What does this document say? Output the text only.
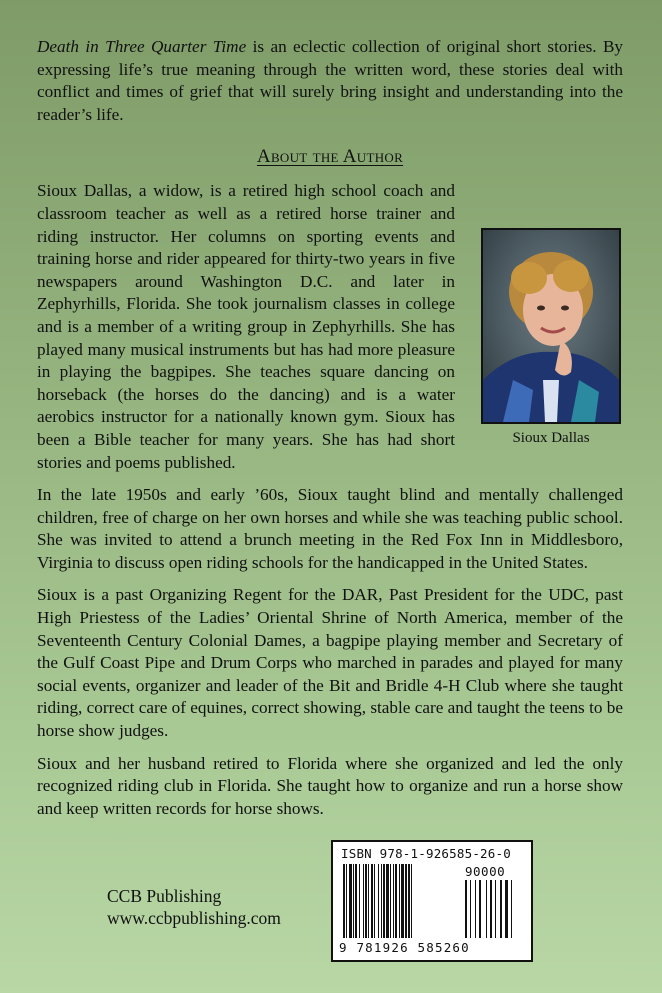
Death in Three Quarter Time is an eclectic collection of original short stories. By expressing life’s true meaning through the written word, these stories deal with conflict and times of grief that will surely bring insight and understanding into the reader’s life.

About the Author

Sioux Dallas, a widow, is a retired high school coach and classroom teacher as well as a retired horse trainer and riding instructor. Her columns on sporting events and training horse and rider appeared for thirty-two years in five newspapers around Washington D.C. and later in Zephyrhills, Florida. She took journalism classes in college and is a member of a writing group in Zephyrhills. She has played many musical instruments but has had more pleasure in playing the bagpipes. She teaches square dancing on horseback (the horses do the dancing) and is a water aerobics instructor for a nationally known gym. Sioux has been a Bible teacher for many years. She has had short stories and poems published.

Sioux Dallas

In the late 1950s and early ’60s, Sioux taught blind and mentally challenged children, free of charge on her own horses and while she was teaching public school. She was invited to attend a brunch meeting in the Red Fox Inn in Middlesboro, Virginia to discuss open riding schools for the handicapped in the United States.

Sioux is a past Organizing Regent for the DAR, Past President for the UDC, past High Priestess of the Ladies’ Oriental Shrine of North America, member of the Seventeenth Century Colonial Dames, a bagpipe playing member and Secretary of the Gulf Coast Pipe and Drum Corps who marched in parades and played for many social events, organizer and leader of the Bit and Bridle 4-H Club where she taught riding, correct care of equines, correct showing, stable care and taught the teens to be horse show judges.

Sioux and her husband retired to Florida where she organized and led the only recognized riding club in Florida. She taught how to organize and run a horse show and keep written records for horse shows.

CCB Publishing
www.ccbpublishing.com
ISBN 978-1-926585-26-0
90000
9 781926 585260
